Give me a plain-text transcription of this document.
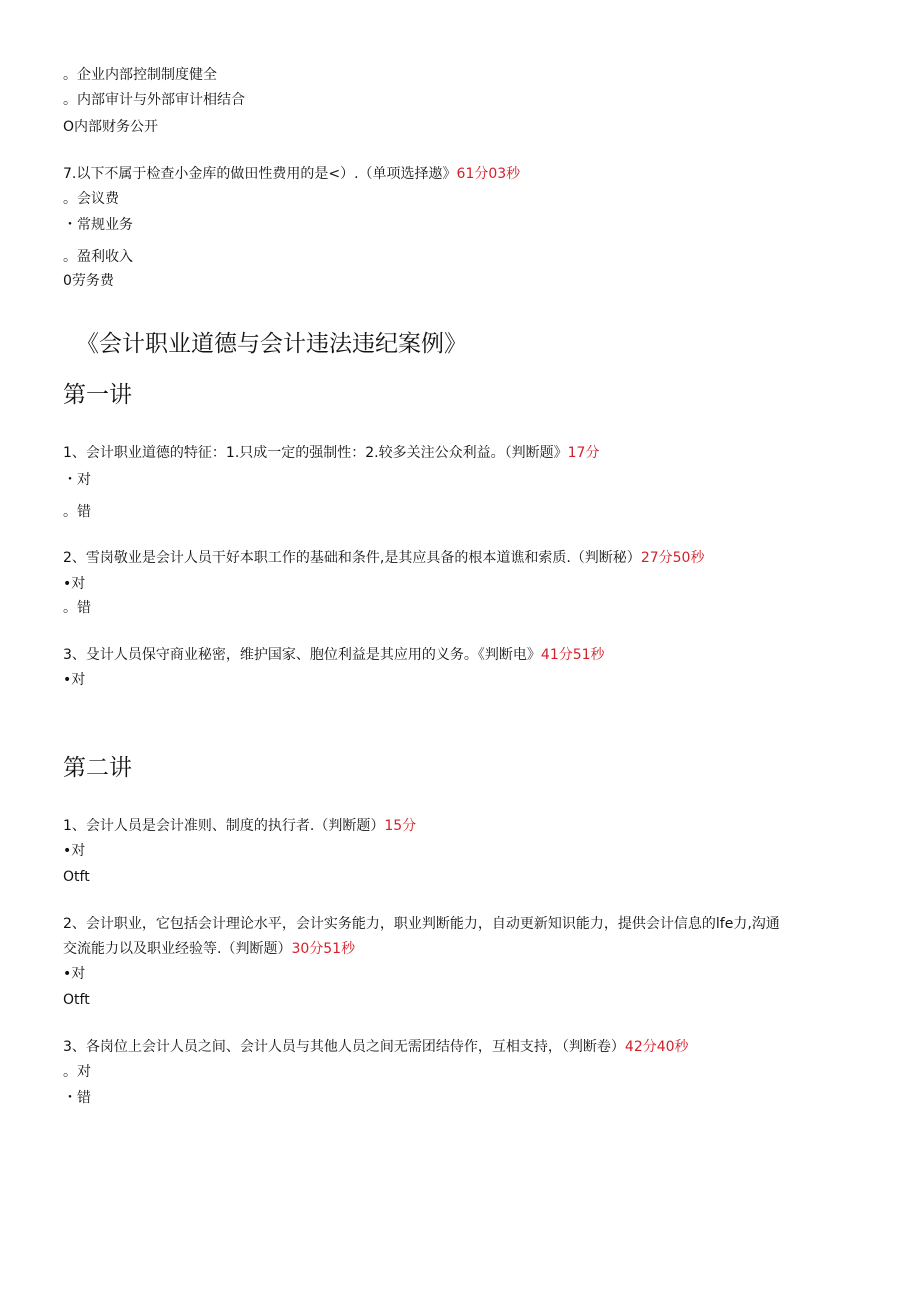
。企业内部控制制度健全
。内部审计与外部审计相结合
O内部财务公开
7.以下不属于检查小金库的做田性费用的是<）.（单项选择遨》61分03秒
。会议费
・常规业务
。盈利收入
0劳务费
《会计职业道德与会计违法违纪案例》
第一讲
1、会计职业道德的特征：1.只成一定的强制性：2.较多关注公众利益。（判断题》17分
・对
。错
2、雪岗敬业是会计人员干好本职工作的基础和条件,是其应具备的根本道谯和索质.（判断秘）27分50秒
•对
。错
3、殳计人员保守商业秘密，维护国家、胞位利益是其应用的义务。《判断电》41分51秒
•对
第二讲
1、会计人员是会计准则、制度的执行者.（判断题）15分
•对
Otft
2、会计职业，它包括会计理论水平，会计实务能力，职业判断能力，自动更新知识能力，提供会计信息的lfe力,沟通
交流能力以及职业经验等.（判断题）30分51秒
•对
Otft
3、各岗位上会计人员之间、会计人员与其他人员之间无需团结侍作，互相支持，（判断卷）42分40秒
。对
・错
